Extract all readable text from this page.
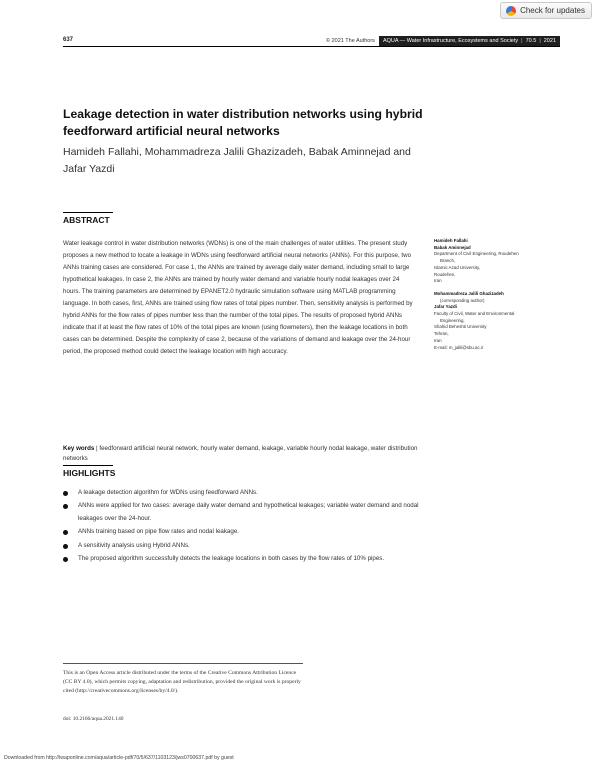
Check for updates
637	© 2021 The Authors	AQUA — Water Infrastructure, Ecosystems and Society | 70.5 | 2021
Leakage detection in water distribution networks using hybrid feedforward artificial neural networks
Hamideh Fallahi, Mohammadreza Jalili Ghazizadeh, Babak Aminnejad and Jafar Yazdi
ABSTRACT

Water leakage control in water distribution networks (WDNs) is one of the main challenges of water utilities. The present study proposes a new method to locate a leakage in WDNs using feedforward artificial neural networks (ANNs). For this purpose, two ANNs training cases are considered. For case 1, the ANNs are trained by average daily water demand, including small to large hypothetical leakages. In case 2, the ANNs are trained by hourly water demand and variable hourly nodal leakages over 24 hours. The training parameters are determined by EPANET2.0 hydraulic simulation software using MATLAB programming language. In both cases, first, ANNs are trained using flow rates of total pipes number. Then, sensitivity analysis is performed by hybrid ANNs for the flow rates of pipes number less than the number of the total pipes. The results of proposed hybrid ANNs indicate that if at least the flow rates of 10% of the total pipes are known (using flowmeters), then the leakage locations in both cases can be determined. Despite the complexity of case 2, because of the variations of demand and leakage over the 24-hour period, the proposed method could detect the leakage location with high accuracy.

Key words | feedforward artificial neural network, hourly water demand, leakage, variable hourly nodal leakage, water distribution networks
HIGHLIGHTS
A leakage detection algorithm for WDNs using feedforward ANNs.
ANNs were applied for two cases: average daily water demand and hypothetical leakages; variable water demand and nodal leakages over the 24-hour.
ANNs training based on pipe flow rates and nodal leakage.
A sensitivity analysis using Hybrid ANNs.
The proposed algorithm successfully detects the leakage locations in both cases by the flow rates of 10% pipes.
Hamideh Fallahi
Babak Aminnejad
Department of Civil Engineering, Roudehen
Branch,
Islamic Azad University,
Roudehen,
Iran
Mohammadreza Jalili Ghazizadeh
(corresponding author)
Jafar Yazdi
Faculty of Civil, Water and Environmental
Engineering,
Shahid Beheshti University
Tehran,
Iran
E-mail: m_jalili@sbu.ac.ir
This is an Open Access article distributed under the terms of the Creative Commons Attribution Licence (CC BY 4.0), which permits copying, adaptation and redistribution, provided the original work is properly cited (http://creativecommons.org/licenses/by/4.0/).
doi: 10.2166/aqua.2021.140
Downloaded from http://iwaponline.com/aqua/article-pdf/70/5/637/1103123/jws0700637.pdf by guest
